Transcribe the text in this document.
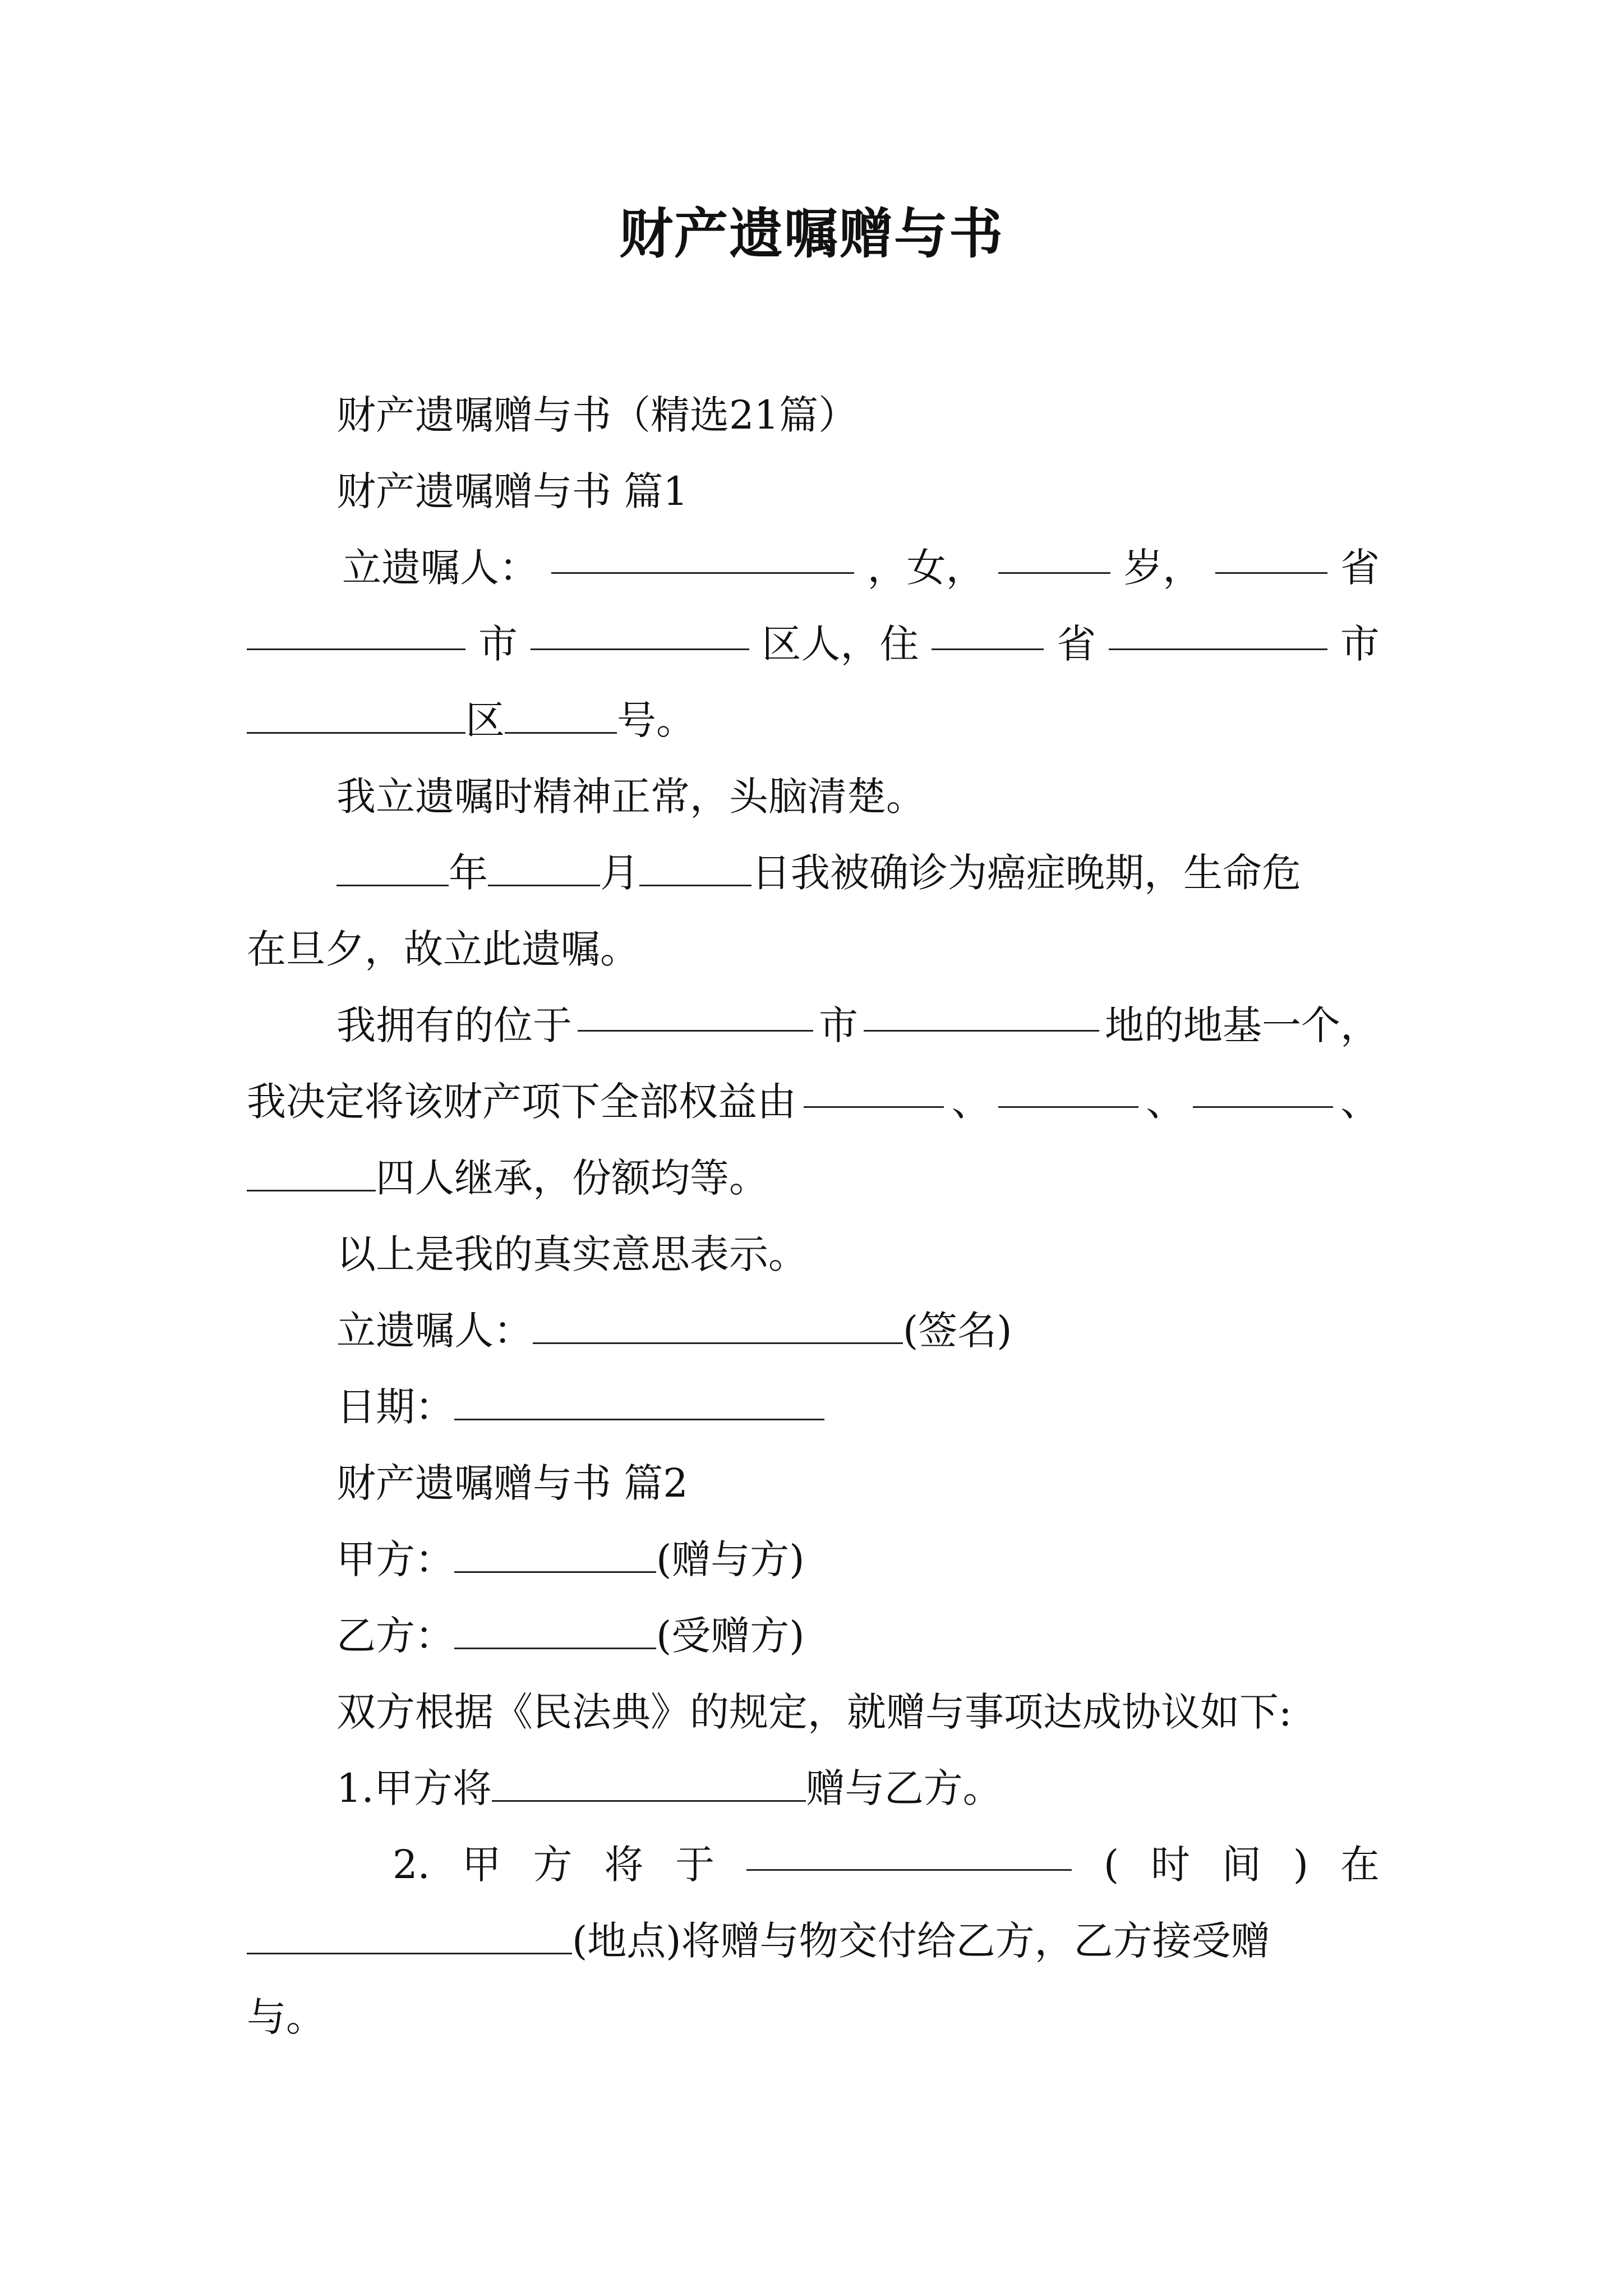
财产遗嘱赠与书
财产遗嘱赠与书（精选21篇）
财产遗嘱赠与书 篇1
立遗嘱人：	，女，	岁，	省
市	区人，住	省	市
区	号。
我立遗嘱时精神正常，头脑清楚。
年	月	日我被确诊为癌症晚期，生命危
在旦夕，故立此遗嘱。
我拥有的位于	市	地的地基一个，
我决定将该财产项下全部权益由	、	、	、
四人继承，份额均等。
以上是我的真实意思表示。
立遗嘱人：	(签名)
日期：
财产遗嘱赠与书 篇2
甲方：	(赠与方)
乙方：	(受赠方)
双方根据《民法典》的规定，就赠与事项达成协议如下:
1.甲方将	赠与乙方。
2. 甲 方 将 于	( 时 间 ) 在
(地点)将赠与物交付给乙方，乙方接受赠
与。
